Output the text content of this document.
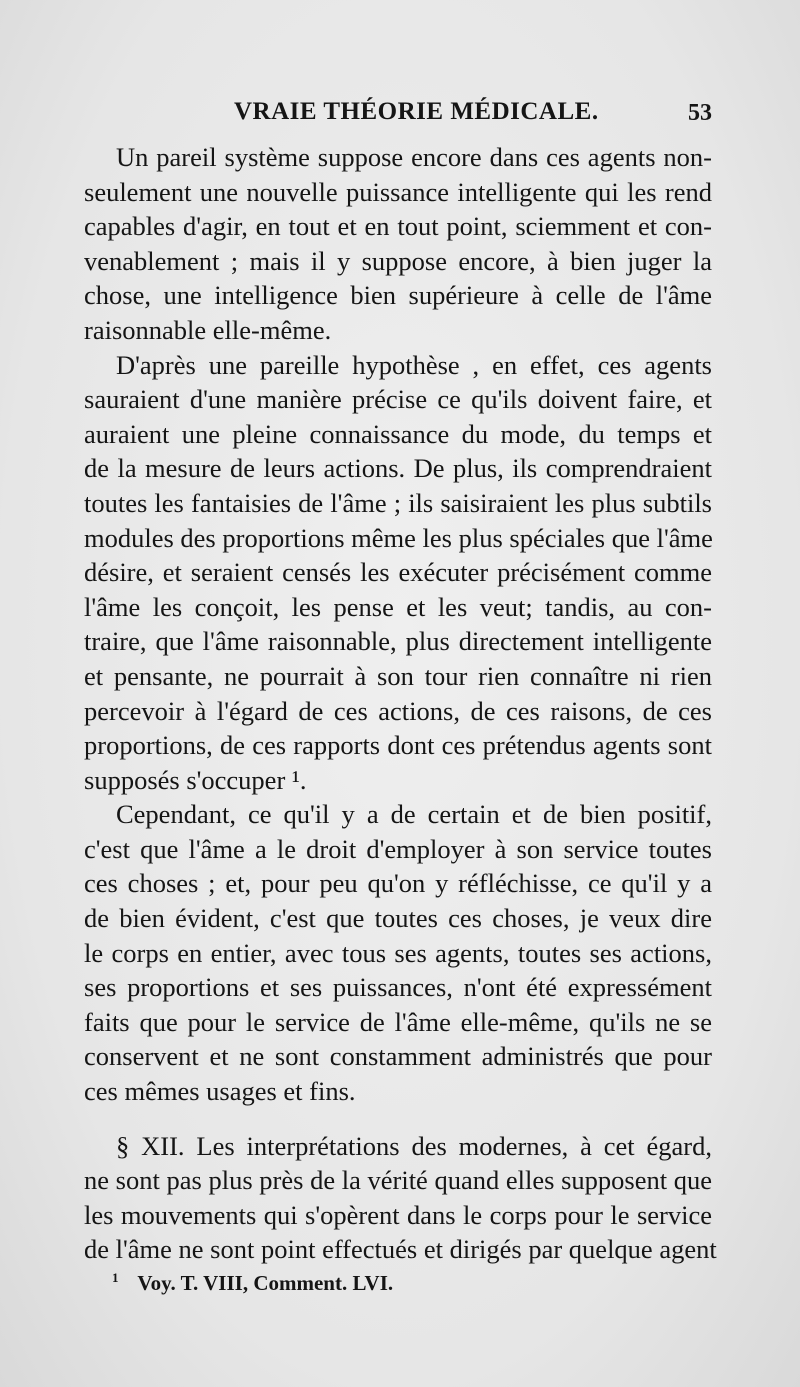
VRAIE THÉORIE MÉDICALE.	53
Un pareil système suppose encore dans ces agents non-
seulement une nouvelle puissance intelligente qui les rend
capables d'agir, en tout et en tout point, sciemment et con-
venablement ; mais il y suppose encore, à bien juger la
chose, une intelligence bien supérieure à celle de l'âme
raisonnable elle-même.
D'après une pareille hypothèse , en effet, ces agents
sauraient d'une manière précise ce qu'ils doivent faire, et
auraient une pleine connaissance du mode, du temps et
de la mesure de leurs actions. De plus, ils comprendraient
toutes les fantaisies de l'âme ; ils saisiraient les plus subtils
modules des proportions même les plus spéciales que l'âme
désire, et seraient censés les exécuter précisément comme
l'âme les conçoit, les pense et les veut; tandis, au con-
traire, que l'âme raisonnable, plus directement intelligente
et pensante, ne pourrait à son tour rien connaître ni rien
percevoir à l'égard de ces actions, de ces raisons, de ces
proportions, de ces rapports dont ces prétendus agents sont
supposés s'occuper ¹.
Cependant, ce qu'il y a de certain et de bien positif,
c'est que l'âme a le droit d'employer à son service toutes
ces choses ; et, pour peu qu'on y réfléchisse, ce qu'il y a
de bien évident, c'est que toutes ces choses, je veux dire
le corps en entier, avec tous ses agents, toutes ses actions,
ses proportions et ses puissances, n'ont été expressément
faits que pour le service de l'âme elle-même, qu'ils ne se
conservent et ne sont constamment administrés que pour
ces mêmes usages et fins.
§ XII. Les interprétations des modernes, à cet égard,
ne sont pas plus près de la vérité quand elles supposent que
les mouvements qui s'opèrent dans le corps pour le service
de l'âme ne sont point effectués et dirigés par quelque agent
$^1$ Voy. T. VIII, Comment. LVI.
